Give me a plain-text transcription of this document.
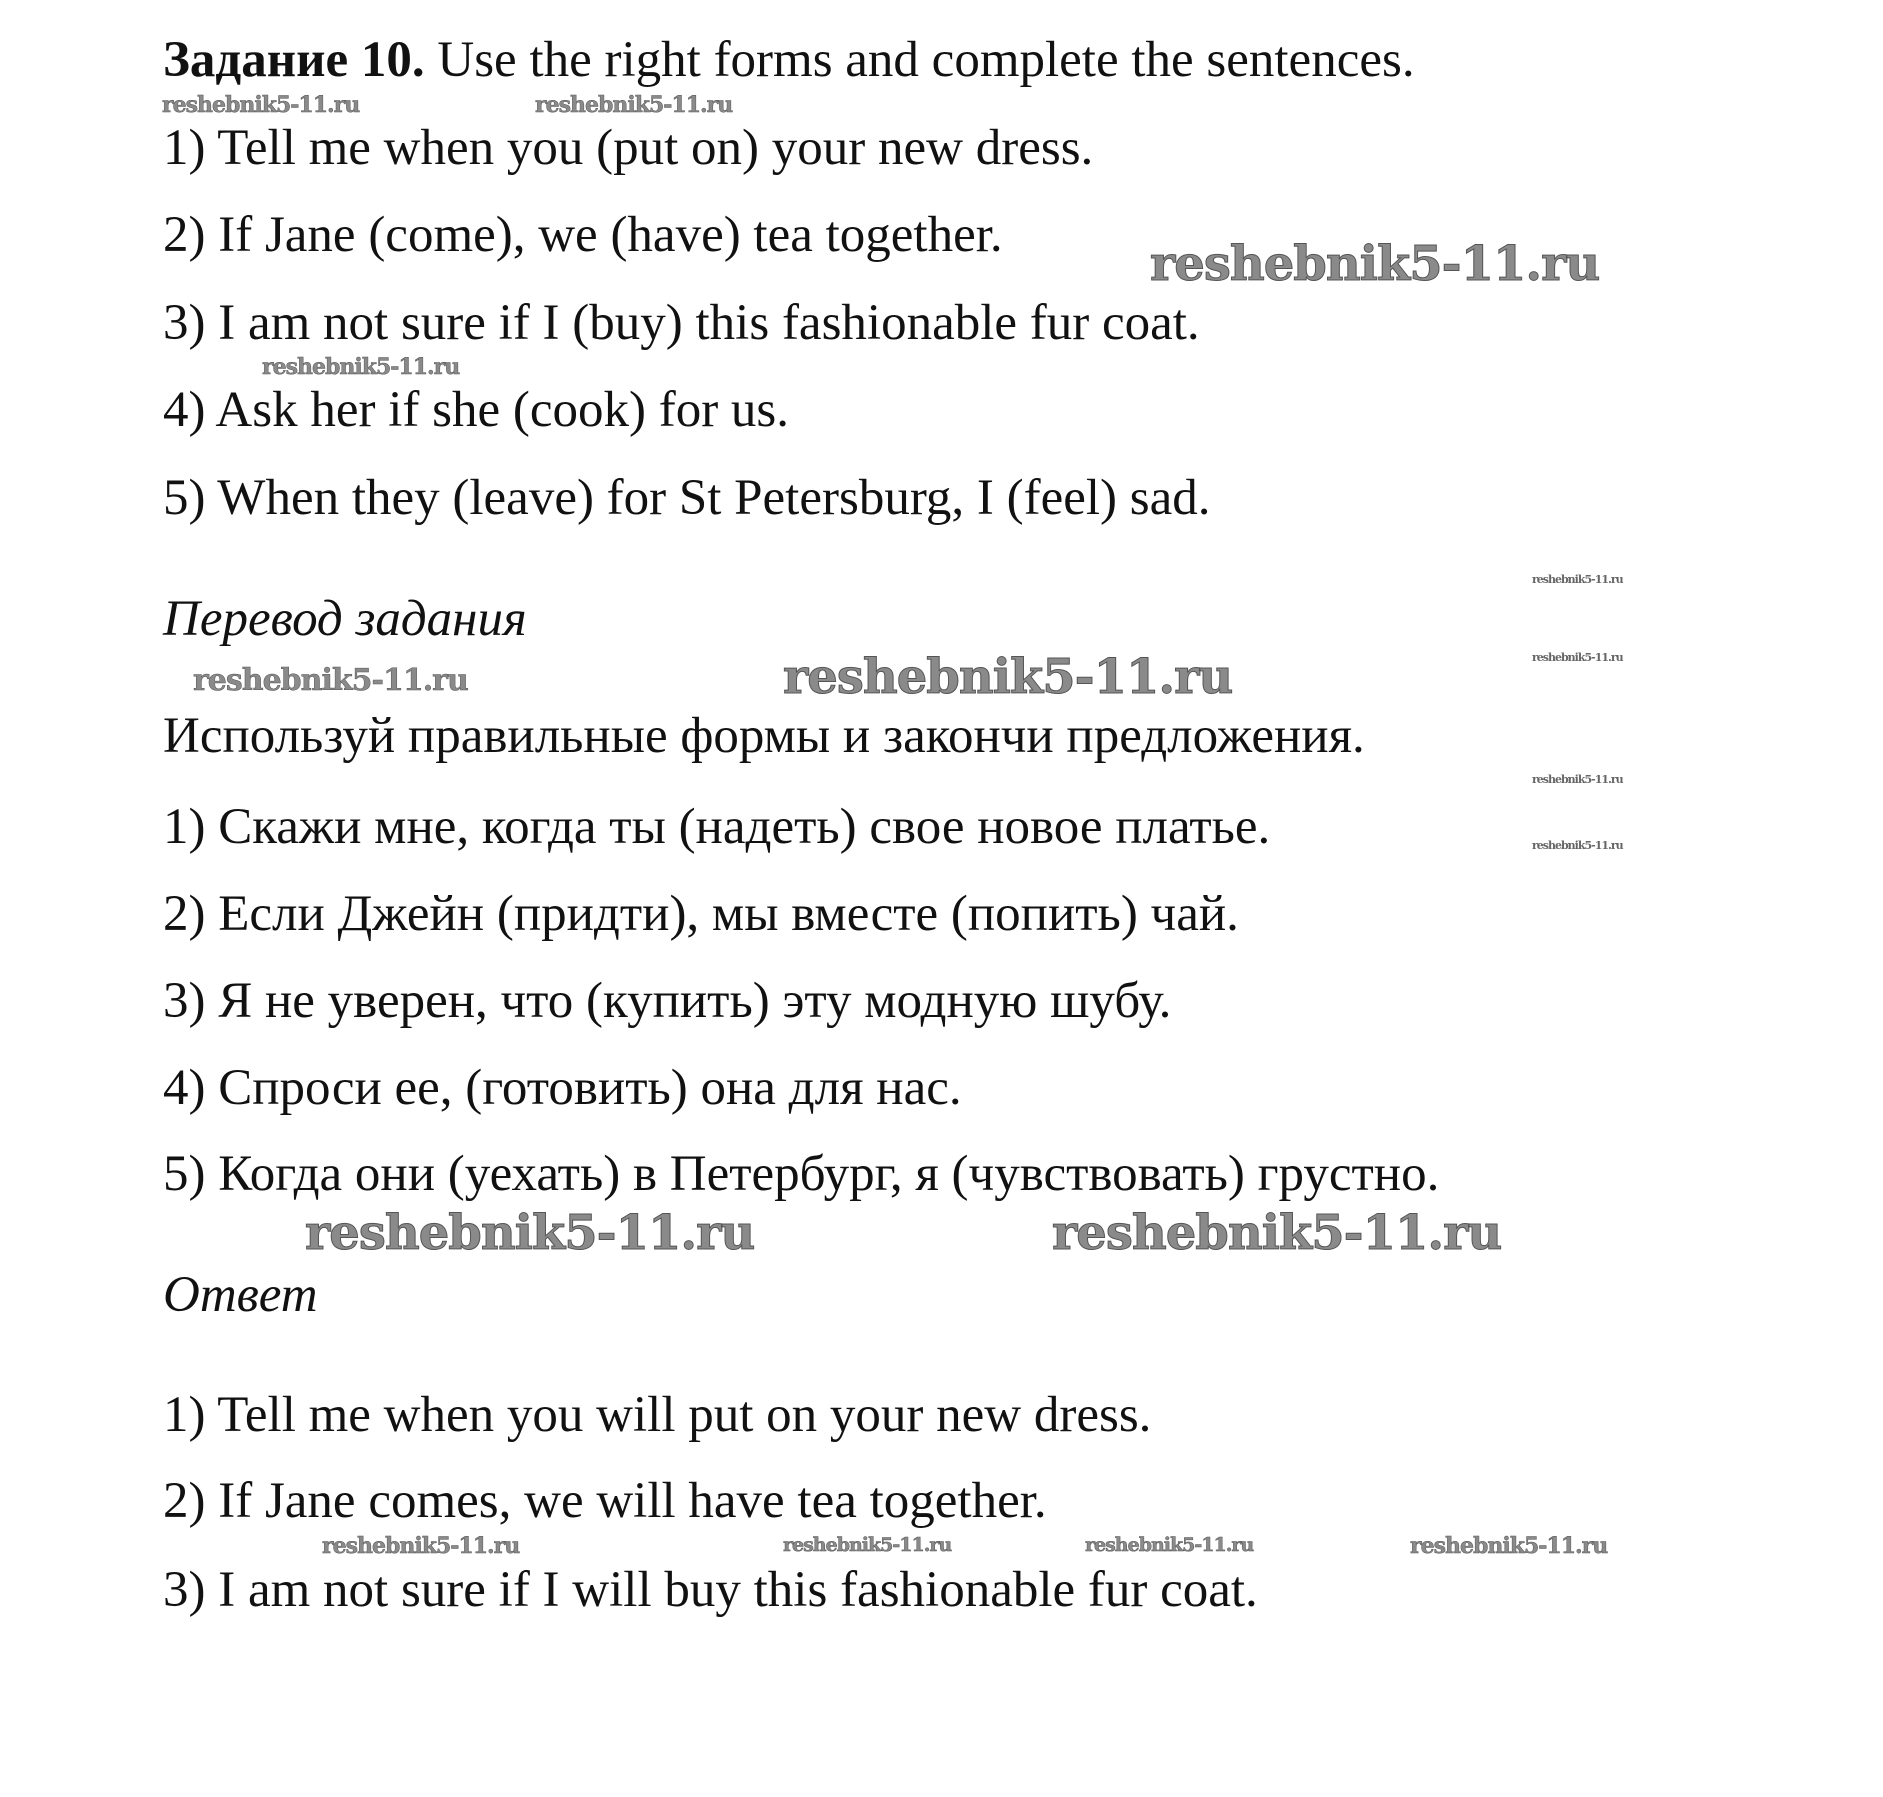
Задание 10. Use the right forms and complete the sentences.
1) Tell me when you (put on) your new dress.
2) If Jane (come), we (have) tea together.
3) I am not sure if I (buy) this fashionable fur coat.
4) Ask her if she (cook) for us.
5) When they (leave) for St Petersburg, I (feel) sad.
Перевод задания
Используй правильные формы и закончи предложения.
1) Скажи мне, когда ты (надеть) свое новое платье.
2) Если Джейн (придти), мы вместе (попить) чай.
3) Я не уверен, что (купить) эту модную шубу.
4) Спроси ее, (готовить) она для нас.
5) Когда они (уехать) в Петербург, я (чувствовать) грустно.
Ответ
1) Tell me when you will put on your new dress.
2) If Jane comes, we will have tea together.
3) I am not sure if I will buy this fashionable fur coat.
reshebnik5-11.ru	reshebnik5-11.ru
reshebnik5-11.ru
reshebnik5-11.ru
reshebnik5-11.ru
reshebnik5-11.ru
reshebnik5-11.ru	reshebnik5-11.ru
reshebnik5-11.ru
reshebnik5-11.ru
reshebnik5-11.ru	reshebnik5-11.ru
reshebnik5-11.ru	reshebnik5-11.ru	reshebnik5-11.ru	reshebnik5-11.ru
